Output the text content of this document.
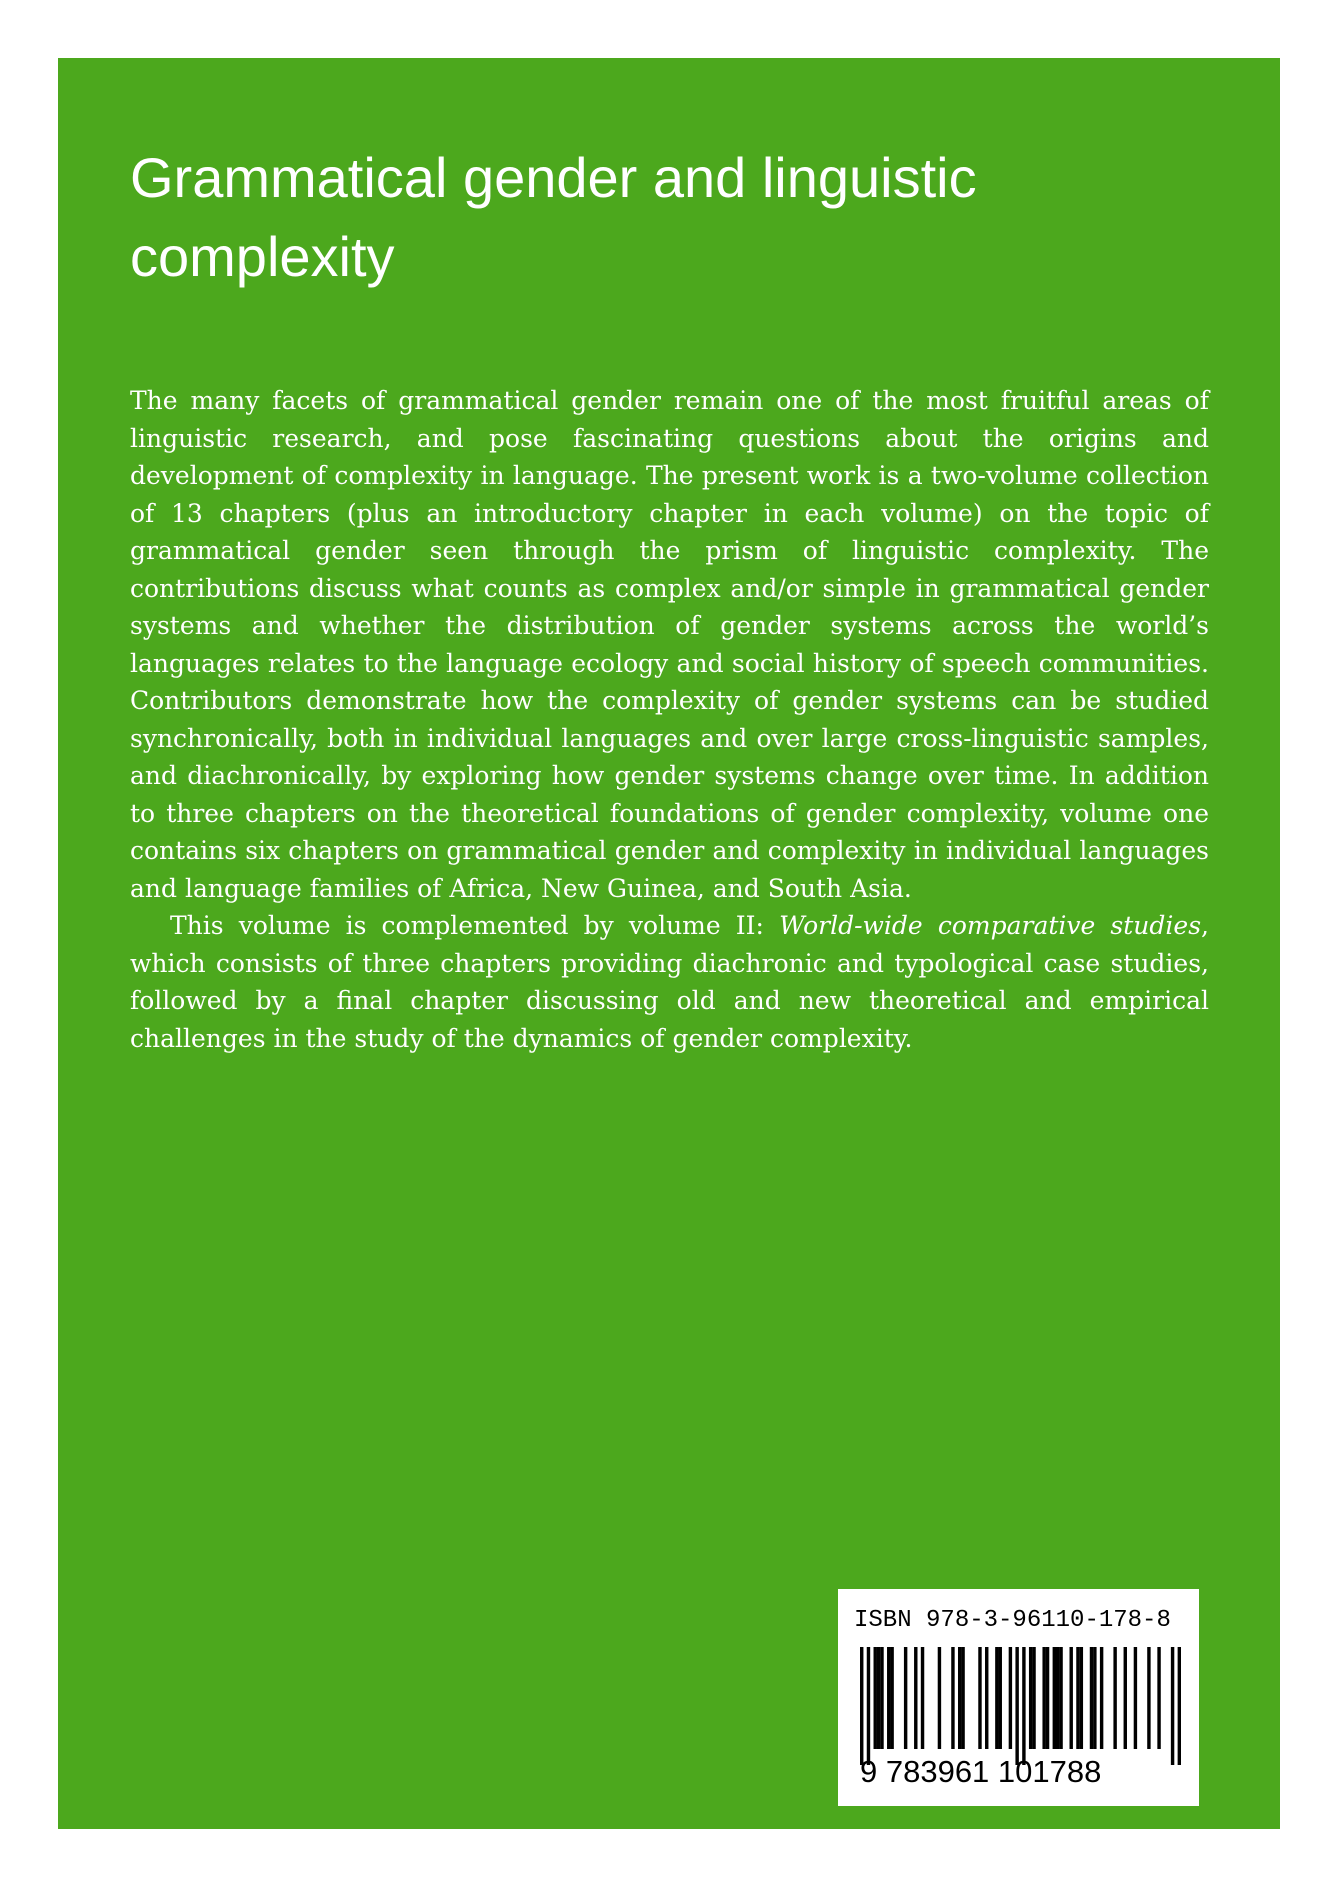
Grammatical gender and linguistic complexity

The many facets of grammatical gender remain one of the most fruitful areas of linguistic research, and pose fascinating questions about the origins and development of complexity in language. The present work is a two-volume collection of 13 chapters (plus an introductory chapter in each volume) on the topic of grammatical gender seen through the prism of linguistic complexity. The contributions discuss what counts as complex and/or simple in grammatical gender systems and whether the distribution of gender systems across the world’s languages relates to the language ecology and social history of speech communities. Contributors demonstrate how the complexity of gender systems can be studied synchronically, both in individual languages and over large cross-linguistic samples, and diachronically, by exploring how gender systems change over time. In addition to three chapters on the theoretical foundations of gender complexity, volume one contains six chapters on grammatical gender and complexity in individual languages and language families of Africa, New Guinea, and South Asia.

This volume is complemented by volume II: World-wide comparative studies, which consists of three chapters providing diachronic and typological case studies, followed by a final chapter discussing old and new theoretical and empirical challenges in the study of the dynamics of gender complexity.

ISBN 978-3-96110-178-8
9 783961 101788
